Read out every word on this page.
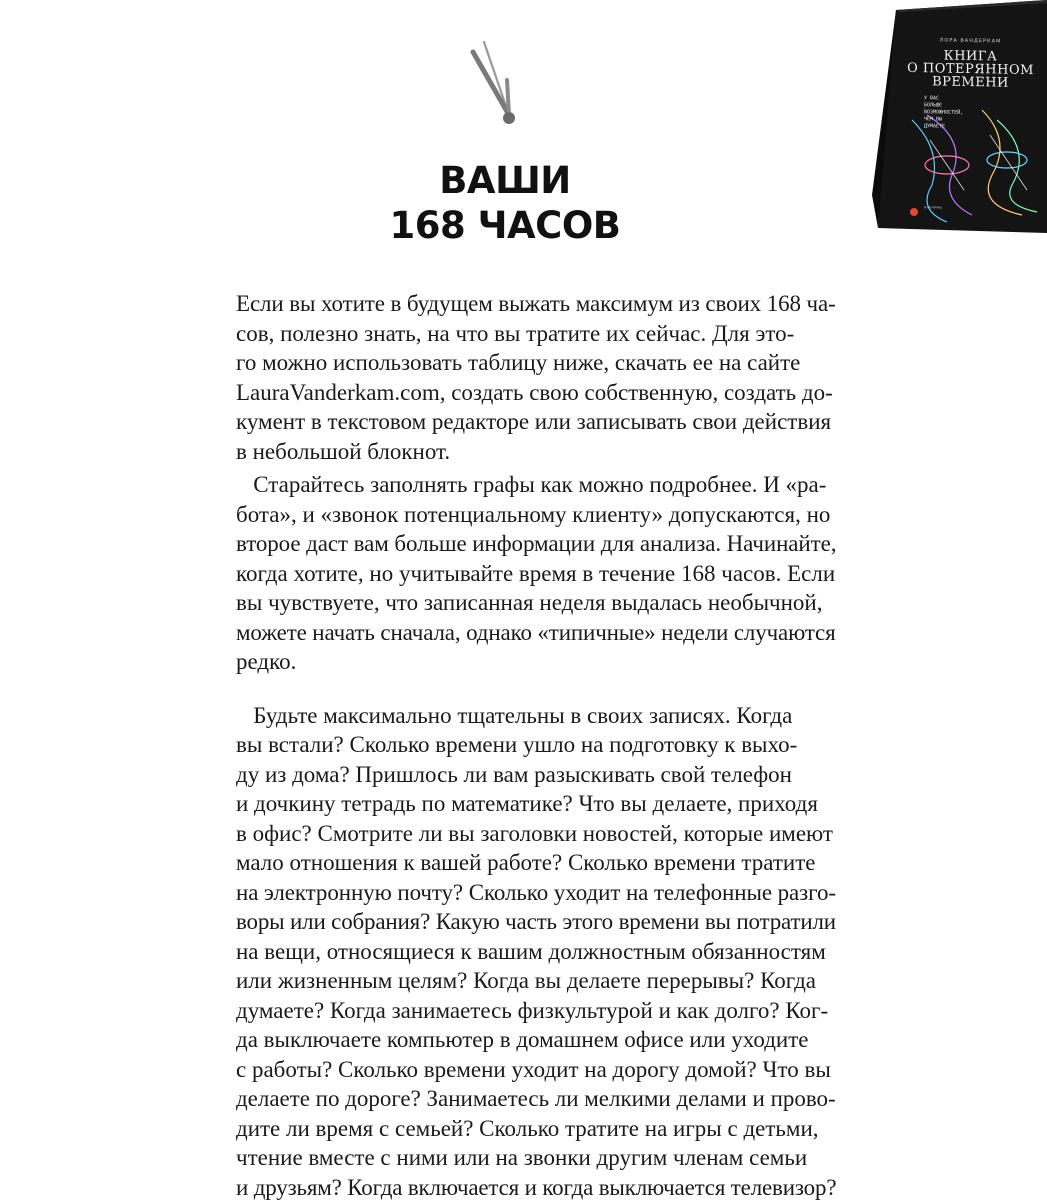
ВАШИ
168 ЧАСОВ
ЛОРА ВАНДЕРКАМ
КНИГА
О ПОТЕРЯННОМ
ВРЕМЕНИ
У ВАС
БОЛЬШЕ
ВОЗМОЖНОСТЕЙ,
ЧЕМ ВЫ
ДУМАЕТЕ
альпина

Если вы хотите в будущем выжать максимум из своих 168 ча-
сов, полезно знать, на что вы тратите их сейчас. Для это-
го можно использовать таблицу ниже, скачать ее на сайте
LauraVanderkam.com, создать свою собственную, создать до-
кумент в текстовом редакторе или записывать свои действия
в небольшой блокнот.

Старайтесь заполнять графы как можно подробнее. И «ра-
бота», и «звонок потенциальному клиенту» допускаются, но
второе даст вам больше информации для анализа. Начинайте,
когда хотите, но учитывайте время в течение 168 часов. Если
вы чувствуете, что записанная неделя выдалась необычной,
можете начать сначала, однако «типичные» недели случаются
редко.

Будьте максимально тщательны в своих записях. Когда
вы встали? Сколько времени ушло на подготовку к выхо-
ду из дома? Пришлось ли вам разыскивать свой телефон
и дочкину тетрадь по математике? Что вы делаете, приходя
в офис? Смотрите ли вы заголовки новостей, которые имеют
мало отношения к вашей работе? Сколько времени тратите
на электронную почту? Сколько уходит на телефонные разго-
воры или собрания? Какую часть этого времени вы потратили
на вещи, относящиеся к вашим должностным обязанностям
или жизненным целям? Когда вы делаете перерывы? Когда
думаете? Когда занимаетесь физкультурой и как долго? Ког-
да выключаете компьютер в домашнем офисе или уходите
с работы? Сколько времени уходит на дорогу домой? Что вы
делаете по дороге? Занимаетесь ли мелкими делами и прово-
дите ли время с семьей? Сколько тратите на игры с детьми,
чтение вместе с ними или на звонки другим членам семьи
и друзьям? Когда включается и когда выключается телевизор?
